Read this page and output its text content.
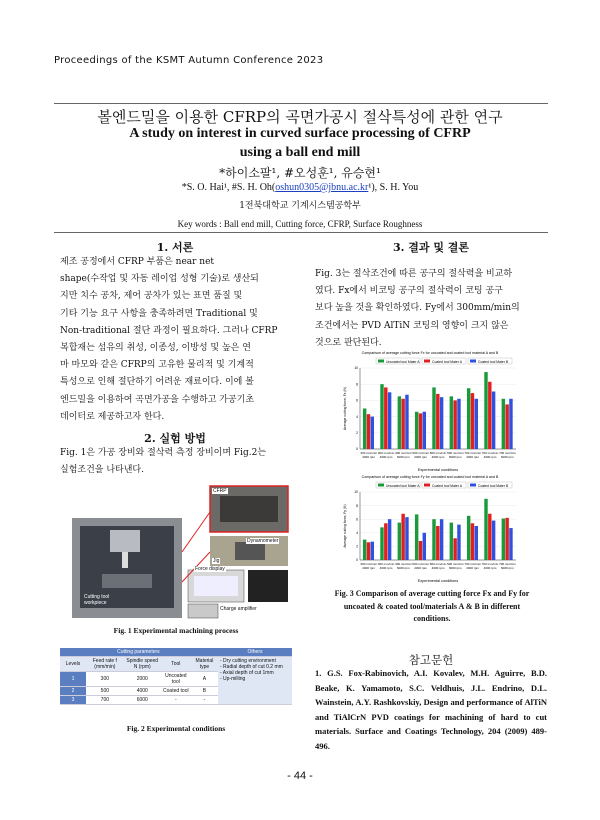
Proceedings of the KSMT Autumn Conference 2023
볼엔드밀을 이용한 CFRP의 곡면가공시 절삭특성에 관한 연구
A study on interest in curved surface processing of CFRP
using a ball end mill
*하이소팔¹, #오성훈¹, 유승현¹
*S. O. Hai¹, #S. H. Oh(oshun0305@jbnu.ac.kr¹), S. H. You
1전북대학교 기계시스템공학부
Key words : Ball end mill, Cutting force, CFRP, Surface Roughness
1. 서론
제조 공정에서 CFRP 부품은 near net
shape(수작업 및 자동 레이업 성형 기술)로 생산되
지만 치수 공차, 제어 공차가 있는 표면 품질 및
기타 기능 요구 사항을 충족하려면 Traditional 및
Non-traditional 절단 과정이 필요하다. 그러나 CFRP
복합재는 섬유의 취성, 이종성, 이방성 및 높은 연
마 마모와 같은 CFRP의 고유한 물리적 및 기계적
특성으로 인해 절단하기 어려운 재료이다. 이에 볼
엔드밀을 이용하여 곡면가공을 수행하고 가공기초
데이터로 제공하고자 한다.
2. 실험 방법
Fig. 1은 가공 장비와 절삭력 측정 장비이며 Fig.2는
실험조건을 나타낸다.
CFRP
Jig
Dynamometer
Force display	A/D converter
Charge amplifier
Cutting tool workpiece
Fig. 1 Experimental machining process
	Cutting parameters				Others
Levels	Feed rate f (mm/min)	Spindle speed N (rpm)	Tool	Material type	- Dry cutting environment
- Radial depth of cut 0.2 mm
- Axial depth of cut 1mm
- Up-milling

1	300	2000	Uncoated tool	A	
2	500	4000	Coated tool	B	
3	700	6000	-	-	
Fig. 2 Experimental conditions
3. 결과 및 결론
Fig. 3는 절삭조건에 따른 공구의 절삭력을 비교하
였다. Fx에서 비코팅 공구의 절삭력이 코팅 공구
보다 높을 것을 확인하였다. Fy에서 300mm/min의
조건에서는 PVD AlTiN 코팅의 영향이 크지 않은
것으로 판단된다.
Comparison of average cutting force Fx for uncoated and coated tool material A and B
Uncoated tool Mater A	Coated tool Mater A	Coated tool Mater B
0
2
4
6
8
10
Average cutting force, Fx (N)
Experimental conditions
300 mm/min
2000 rpm
300 mm/min
4000 rpm
300 mm/min
6000 rpm
500 mm/min
2000 rpm
500 mm/min
4000 rpm
500 mm/min
6000 rpm
700 mm/min
2000 rpm
700 mm/min
4000 rpm
700 mm/min
6000 rpm
Comparison of average cutting force Fy for uncoated and coated tool material A and B
Uncoated tool Mater A	Coated tool Mater A	Coated tool Mater B
0
2
4
6
8
10
Average cutting force, Fy (N)
Experimental conditions
300 mm/min
2000 rpm
300 mm/min
4000 rpm
300 mm/min
6000 rpm
500 mm/min
2000 rpm
500 mm/min
4000 rpm
500 mm/min
6000 rpm
700 mm/min
2000 rpm
700 mm/min
4000 rpm
700 mm/min
6000 rpm
Fig. 3 Comparison of average cutting force Fx and Fy for
uncoated & coated tool/materials A & B in different
conditions.
참고문헌
1. G.S. Fox-Rabinovich, A.I. Kovalev, M.H. Aguirre, B.D. Beake, K. Yamamoto, S.C. Veldhuis, J.L. Endrino, D.L. Wainstein, A.Y. Rashkovskiy, Design and performance of AlTiN and TiAlCrN PVD coatings for machining of hard to cut materials. Surface and Coatings Technology, 204 (2009) 489-496.
- 44 -
